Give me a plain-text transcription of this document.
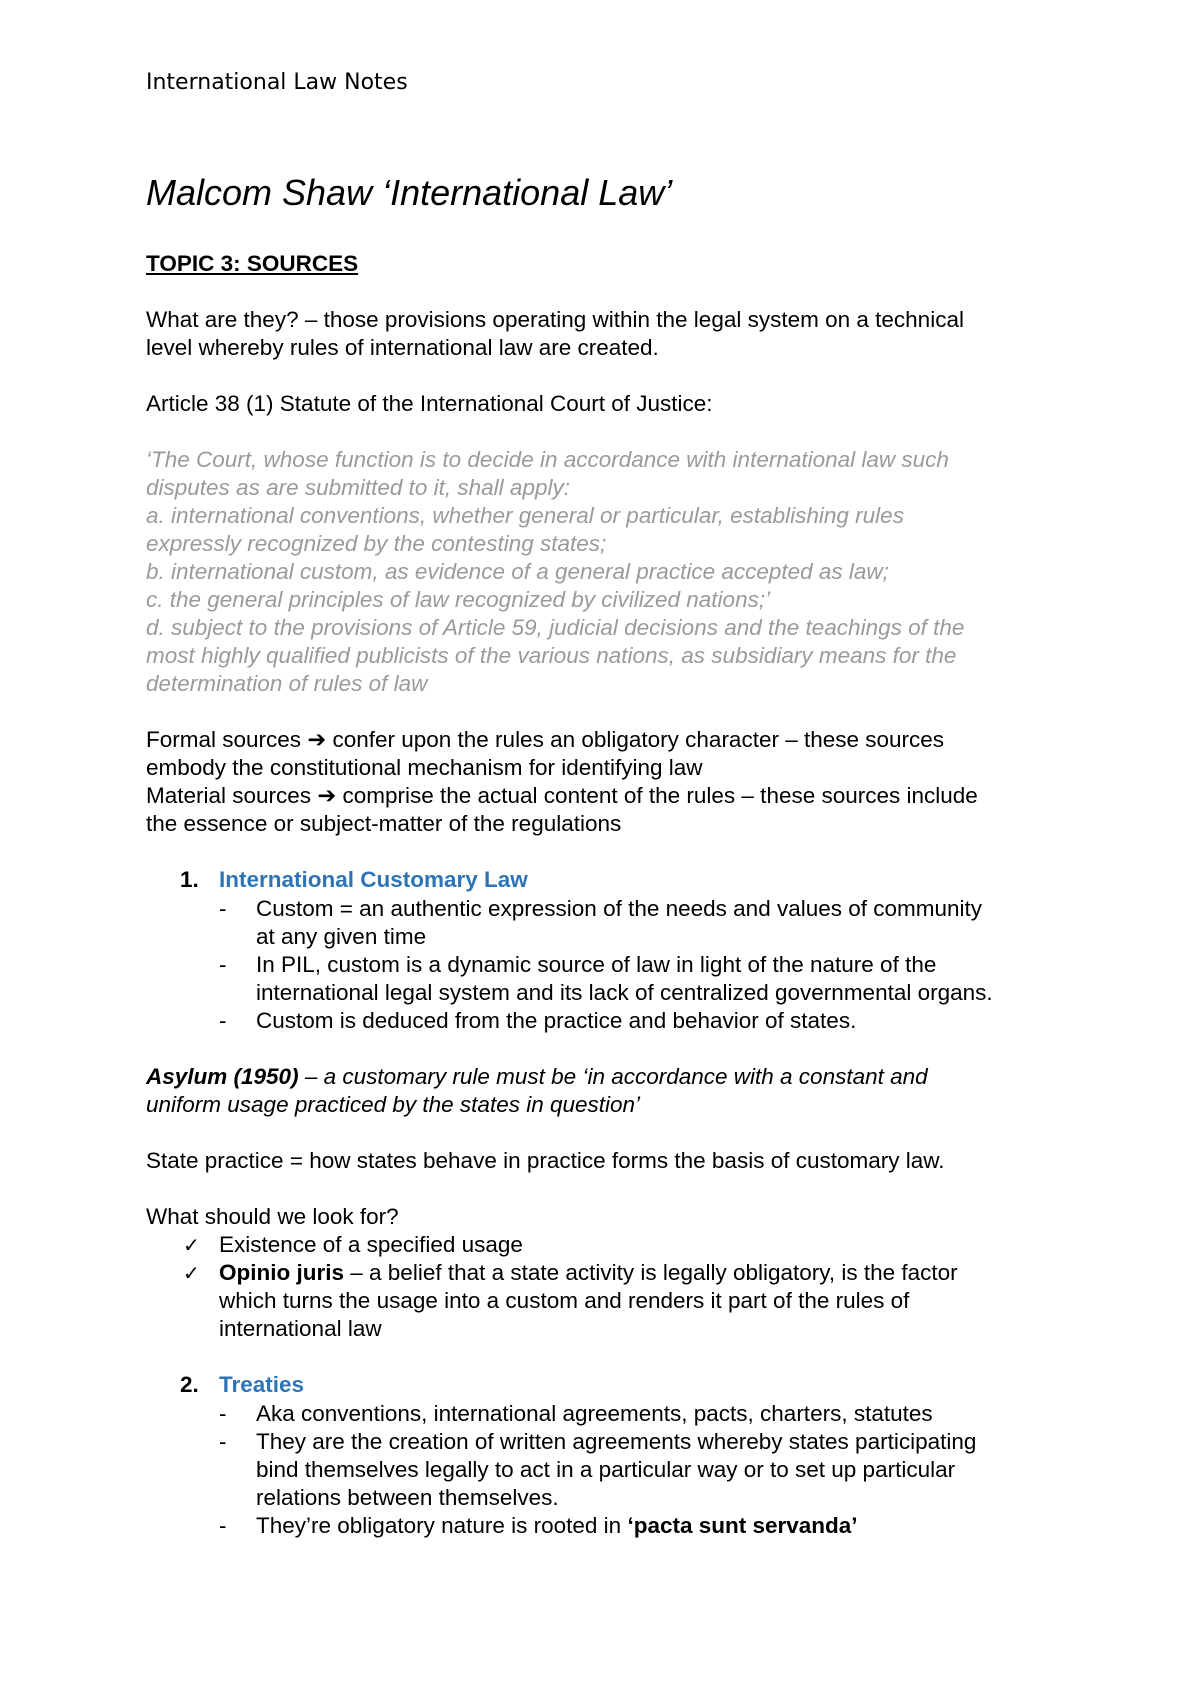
International Law Notes
Malcom Shaw ‘International Law’
TOPIC 3: SOURCES
What are they? – those provisions operating within the legal system on a technical
level whereby rules of international law are created.
Article 38 (1) Statute of the International Court of Justice:
‘The Court, whose function is to decide in accordance with international law such
disputes as are submitted to it, shall apply:
a. international conventions, whether general or particular, establishing rules
expressly recognized by the contesting states;
b. international custom, as evidence of a general practice accepted as law;
c. the general principles of law recognized by civilized nations;’
d. subject to the provisions of Article 59, judicial decisions and the teachings of the
most highly qualified publicists of the various nations, as subsidiary means for the
determination of rules of law
Formal sources ➔ confer upon the rules an obligatory character – these sources
embody the constitutional mechanism for identifying law
Material sources ➔ comprise the actual content of the rules – these sources include
the essence or subject-matter of the regulations
1. International Customary Law
- Custom = an authentic expression of the needs and values of community
at any given time
- In PIL, custom is a dynamic source of law in light of the nature of the
international legal system and its lack of centralized governmental organs.
- Custom is deduced from the practice and behavior of states.
Asylum (1950) – a customary rule must be ‘in accordance with a constant and
uniform usage practiced by the states in question’
State practice = how states behave in practice forms the basis of customary law.
What should we look for?
✓ Existence of a specified usage
✓ Opinio juris – a belief that a state activity is legally obligatory, is the factor
which turns the usage into a custom and renders it part of the rules of
international law
2. Treaties
- Aka conventions, international agreements, pacts, charters, statutes
- They are the creation of written agreements whereby states participating
bind themselves legally to act in a particular way or to set up particular
relations between themselves.
- They’re obligatory nature is rooted in ‘pacta sunt servanda’
